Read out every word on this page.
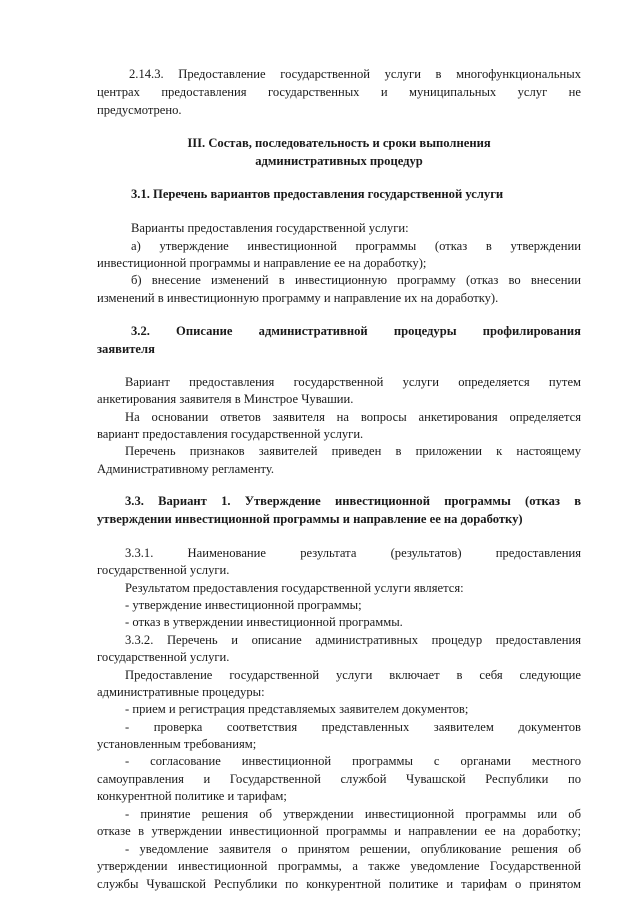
2.14.3. Предоставление государственной услуги в многофункциональных
центрах предоставления государственных и муниципальных услуг не
предусмотрено.
III. Состав, последовательность и сроки выполнения
административных процедур
3.1. Перечень вариантов предоставления государственной услуги
Варианты предоставления государственной услуги:
а) утверждение инвестиционной программы (отказ в утверждении
инвестиционной программы и направление ее на доработку);
б) внесение изменений в инвестиционную программу (отказ во внесении
изменений в инвестиционную программу и направление их на доработку).
3.2. Описание административной процедуры профилирования
заявителя
Вариант предоставления государственной услуги определяется путем
анкетирования заявителя в Минстрое Чувашии.
На основании ответов заявителя на вопросы анкетирования определяется
вариант предоставления государственной услуги.
Перечень признаков заявителей приведен в приложении к настоящему
Административному регламенту.
3.3. Вариант 1. Утверждение инвестиционной программы (отказ в
утверждении инвестиционной программы и направление ее на доработку)
3.3.1. Наименование результата (результатов) предоставления
государственной услуги.
Результатом предоставления государственной услуги является:
- утверждение инвестиционной программы;
- отказ в утверждении инвестиционной программы.
3.3.2. Перечень и описание административных процедур предоставления
государственной услуги.
Предоставление государственной услуги включает в себя следующие
административные процедуры:
- прием и регистрация представляемых заявителем документов;
- проверка соответствия представленных заявителем документов
установленным требованиям;
- согласование инвестиционной программы с органами местного
самоуправления и Государственной службой Чувашской Республики по
конкурентной политике и тарифам;
- принятие решения об утверждении инвестиционной программы или об
отказе в утверждении инвестиционной программы и направлении ее на доработку;
- уведомление заявителя о принятом решении, опубликование решения об
утверждении инвестиционной программы, а также уведомление Государственной
службы Чувашской Республики по конкурентной политике и тарифам о принятом
